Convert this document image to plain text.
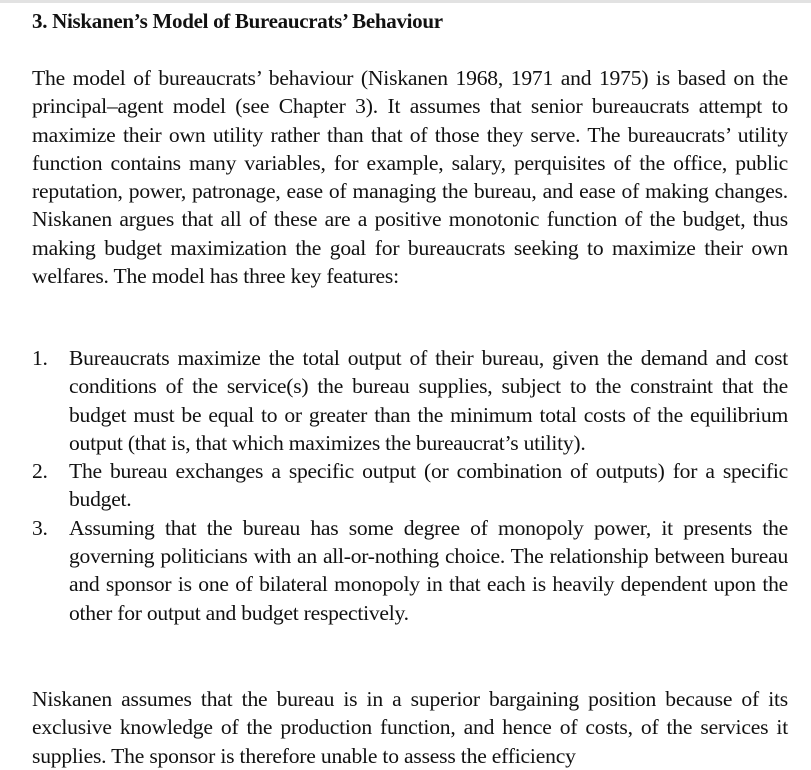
3. Niskanen’s Model of Bureaucrats’ Behaviour

The model of bureaucrats’ behaviour (Niskanen 1968, 1971 and 1975) is based on the principal–agent model (see Chapter 3). It assumes that senior bureaucrats attempt to maximize their own utility rather than that of those they serve. The bureaucrats’ utility function contains many variables, for example, salary, perquisites of the office, public reputation, power, patronage, ease of managing the bureau, and ease of making changes. Niskanen argues that all of these are a positive monotonic function of the budget, thus making budget maximization the goal for bureaucrats seeking to maximize their own welfares. The model has three key features:

1. Bureaucrats maximize the total output of their bureau, given the demand and cost conditions of the service(s) the bureau supplies, subject to the constraint that the budget must be equal to or greater than the minimum total costs of the equilibrium output (that is, that which maximizes the bureaucrat’s utility).
2. The bureau exchanges a specific output (or combination of outputs) for a specific budget.
3. Assuming that the bureau has some degree of monopoly power, it presents the governing politicians with an all-or-nothing choice. The relationship between bureau and sponsor is one of bilateral monopoly in that each is heavily dependent upon the other for output and budget respectively.

Niskanen assumes that the bureau is in a superior bargaining position because of its exclusive knowledge of the production function, and hence of costs, of the services it supplies. The sponsor is therefore unable to assess the efficiency
